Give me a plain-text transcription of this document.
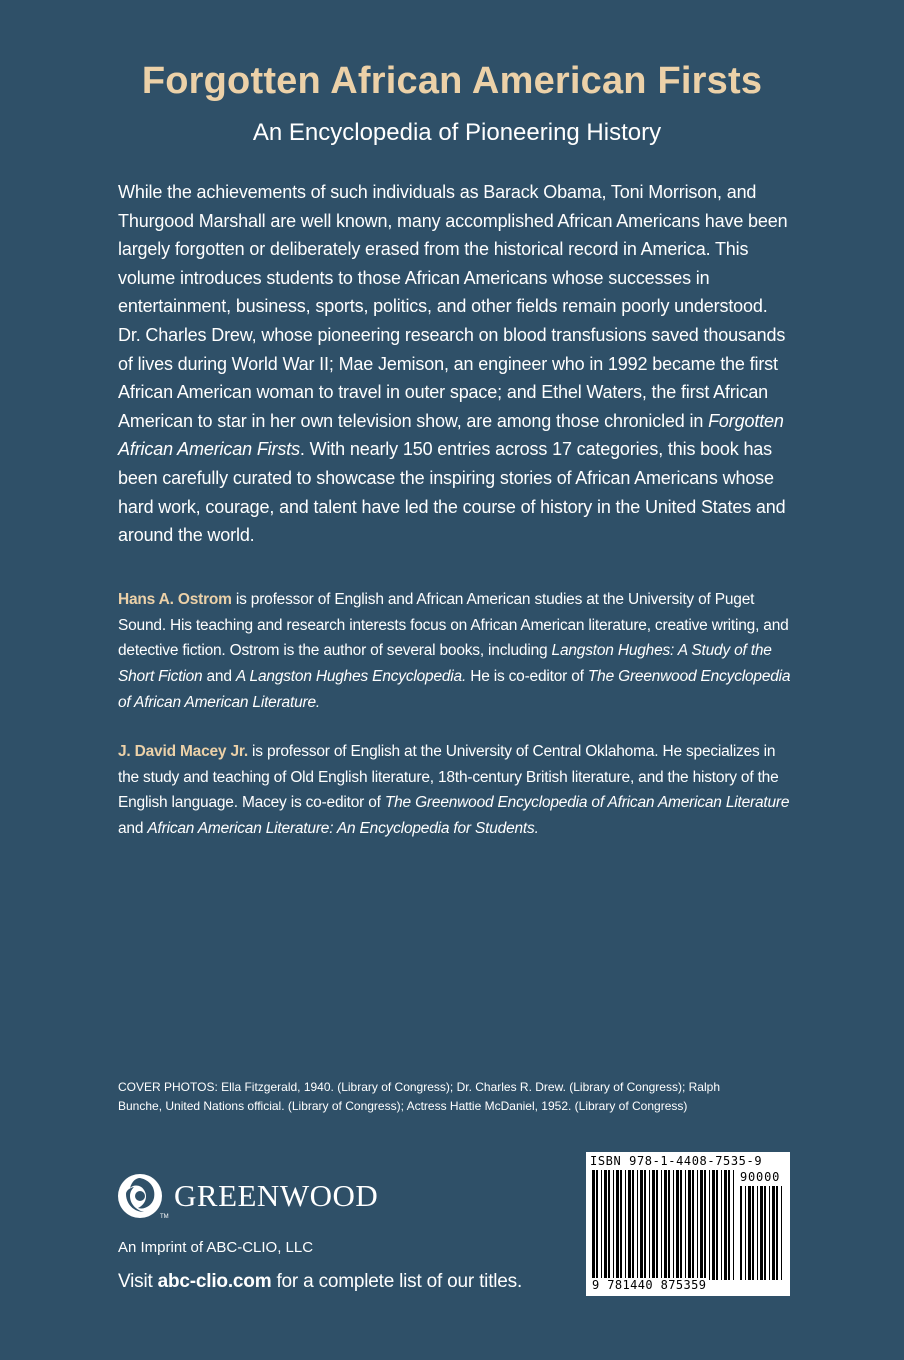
Forgotten African American Firsts
An Encyclopedia of Pioneering History

While the achievements of such individuals as Barack Obama, Toni Morrison, and Thurgood Marshall are well known, many accomplished African Americans have been largely forgotten or deliberately erased from the historical record in America. This volume introduces students to those African Americans whose successes in entertainment, business, sports, politics, and other fields remain poorly understood. Dr. Charles Drew, whose pioneering research on blood transfusions saved thousands of lives during World War II; Mae Jemison, an engineer who in 1992 became the first African American woman to travel in outer space; and Ethel Waters, the first African American to star in her own television show, are among those chronicled in Forgotten African American Firsts. With nearly 150 entries across 17 categories, this book has been carefully curated to showcase the inspiring stories of African Americans whose hard work, courage, and talent have led the course of history in the United States and around the world.

Hans A. Ostrom is professor of English and African American studies at the University of Puget Sound. His teaching and research interests focus on African American literature, creative writing, and detective fiction. Ostrom is the author of several books, including Langston Hughes: A Study of the Short Fiction and A Langston Hughes Encyclopedia. He is co-editor of The Greenwood Encyclopedia of African American Literature.

J. David Macey Jr. is professor of English at the University of Central Oklahoma. He specializes in the study and teaching of Old English literature, 18th-century British literature, and the history of the English language. Macey is co-editor of The Greenwood Encyclopedia of African American Literature and African American Literature: An Encyclopedia for Students.

COVER PHOTOS: Ella Fitzgerald, 1940. (Library of Congress); Dr. Charles R. Drew. (Library of Congress); Ralph Bunche, United Nations official. (Library of Congress); Actress Hattie McDaniel, 1952. (Library of Congress)

TM
GREENWOOD

An Imprint of ABC-CLIO, LLC

Visit abc-clio.com for a complete list of our titles.

ISBN 978-1-4408-7535-9
90000
9 781440 875359
